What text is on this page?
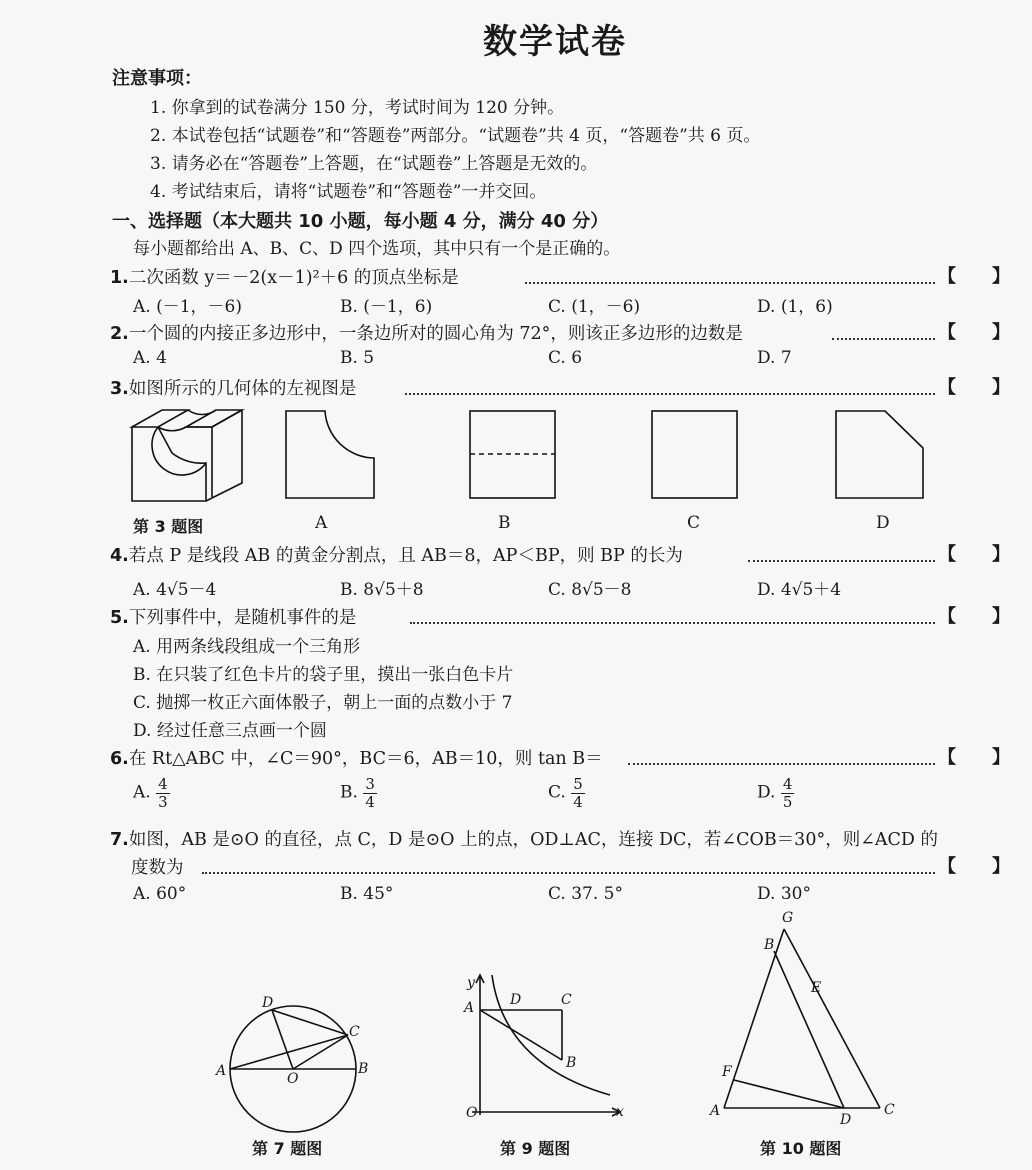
数学试卷
注意事项：
1. 你拿到的试卷满分 150 分，考试时间为 120 分钟。
2. 本试卷包括“试题卷”和“答题卷”两部分。“试题卷”共 4 页，“答题卷”共 6 页。
3. 请务必在“答题卷”上答题，在“试题卷”上答题是无效的。
4. 考试结束后，请将“试题卷”和“答题卷”一并交回。
一、选择题（本大题共 10 小题，每小题 4 分，满分 40 分）
每小题都给出 A、B、C、D 四个选项，其中只有一个是正确的。
1.二次函数 y＝－2(x－1)²＋6 的顶点坐标是	【　　】
A. (－1，－6)	B. (－1，6)	C. (1，－6)	D. (1，6)
2.一个圆的内接正多边形中，一条边所对的圆心角为 72°，则该正多边形的边数是	【　　】
A. 4	B. 5	C. 6	D. 7
3.如图所示的几何体的左视图是	【　　】
第 3 题图	A	B	C	D
4.若点 P 是线段 AB 的黄金分割点，且 AB＝8，AP＜BP，则 BP 的长为	【　　】
A. 4√5－4	B. 8√5＋8	C. 8√5－8	D. 4√5＋4
5.下列事件中，是随机事件的是	【　　】
A. 用两条线段组成一个三角形
B. 在只装了红色卡片的袋子里，摸出一张白色卡片
C. 抛掷一枚正六面体骰子，朝上一面的点数小于 7
D. 经过任意三点画一个圆
6.在 Rt△ABC 中，∠C＝90°，BC＝6，AB＝10，则 tan B＝	【　　】
A. $\frac{4}{3}$	B. $\frac{3}{4}$	C. $\frac{5}{4}$	D. $\frac{4}{5}$
7.如图，AB 是⊙O 的直径，点 C，D 是⊙O 上的点，OD⊥AC，连接 DC，若∠COB＝30°，则∠ACD 的
度数为	【　　】
A. 60°	B. 45°	C. 37. 5°	D. 30°
D
C
A	O
B
第 7 题图
y
A	D	C
B
O	x
第 9 题图
G
B
E
F
A
D
C
第 10 题图
